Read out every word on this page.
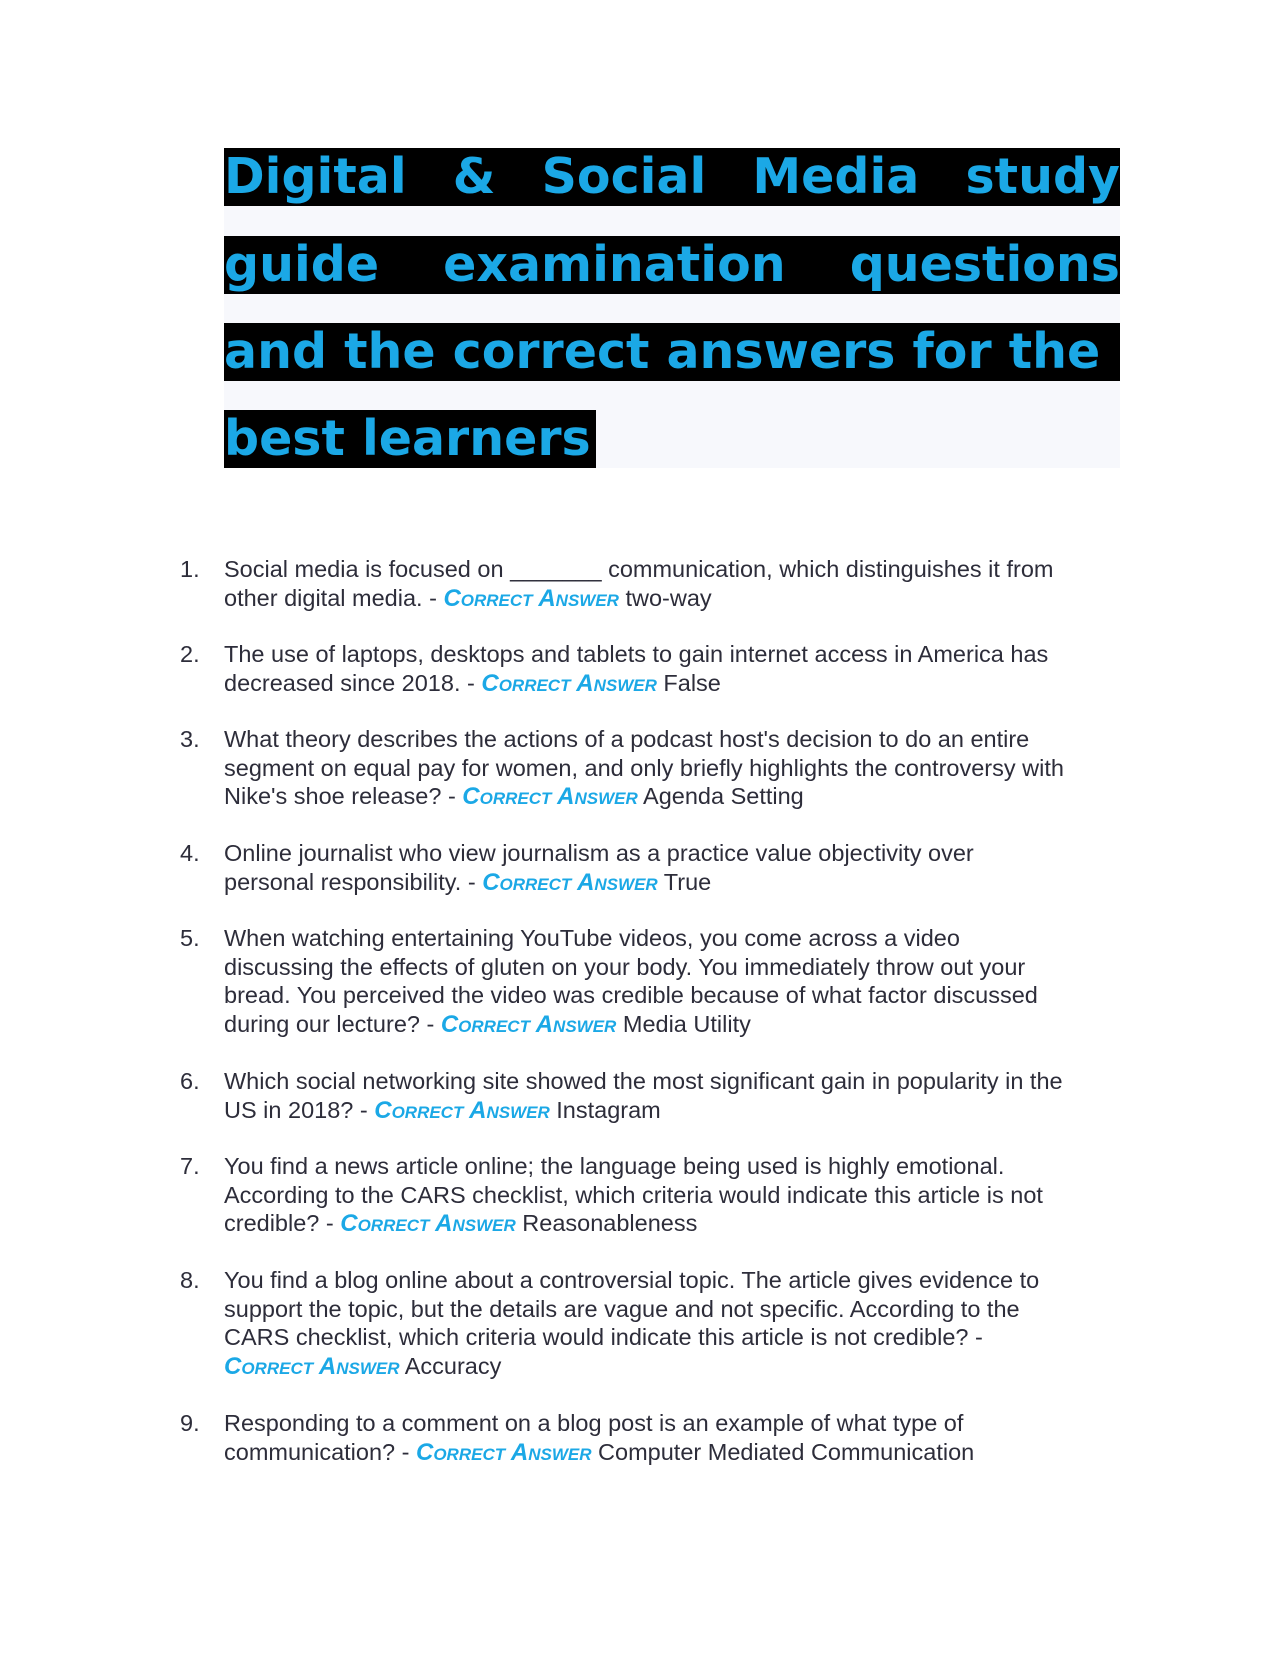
Digital & Social Media study
guide examination questions
and the correct answers for the
best learners
1.	Social media is focused on _______ communication, which distinguishes it from
other digital media. - Correct Answer two-way
2.	The use of laptops, desktops and tablets to gain internet access in America has
decreased since 2018. - Correct Answer False
3.	What theory describes the actions of a podcast host's decision to do an entire
segment on equal pay for women, and only briefly highlights the controversy with
Nike's shoe release? - Correct Answer Agenda Setting
4.	Online journalist who view journalism as a practice value objectivity over
personal responsibility. - Correct Answer True
5.	When watching entertaining YouTube videos, you come across a video
discussing the effects of gluten on your body. You immediately throw out your
bread. You perceived the video was credible because of what factor discussed
during our lecture? - Correct Answer Media Utility
6.	Which social networking site showed the most significant gain in popularity in the
US in 2018? - Correct Answer Instagram
7.	You find a news article online; the language being used is highly emotional.
According to the CARS checklist, which criteria would indicate this article is not
credible? - Correct Answer Reasonableness
8.	You find a blog online about a controversial topic. The article gives evidence to
support the topic, but the details are vague and not specific. According to the
CARS checklist, which criteria would indicate this article is not credible? -
Correct Answer Accuracy
9.	Responding to a comment on a blog post is an example of what type of
communication? - Correct Answer Computer Mediated Communication
